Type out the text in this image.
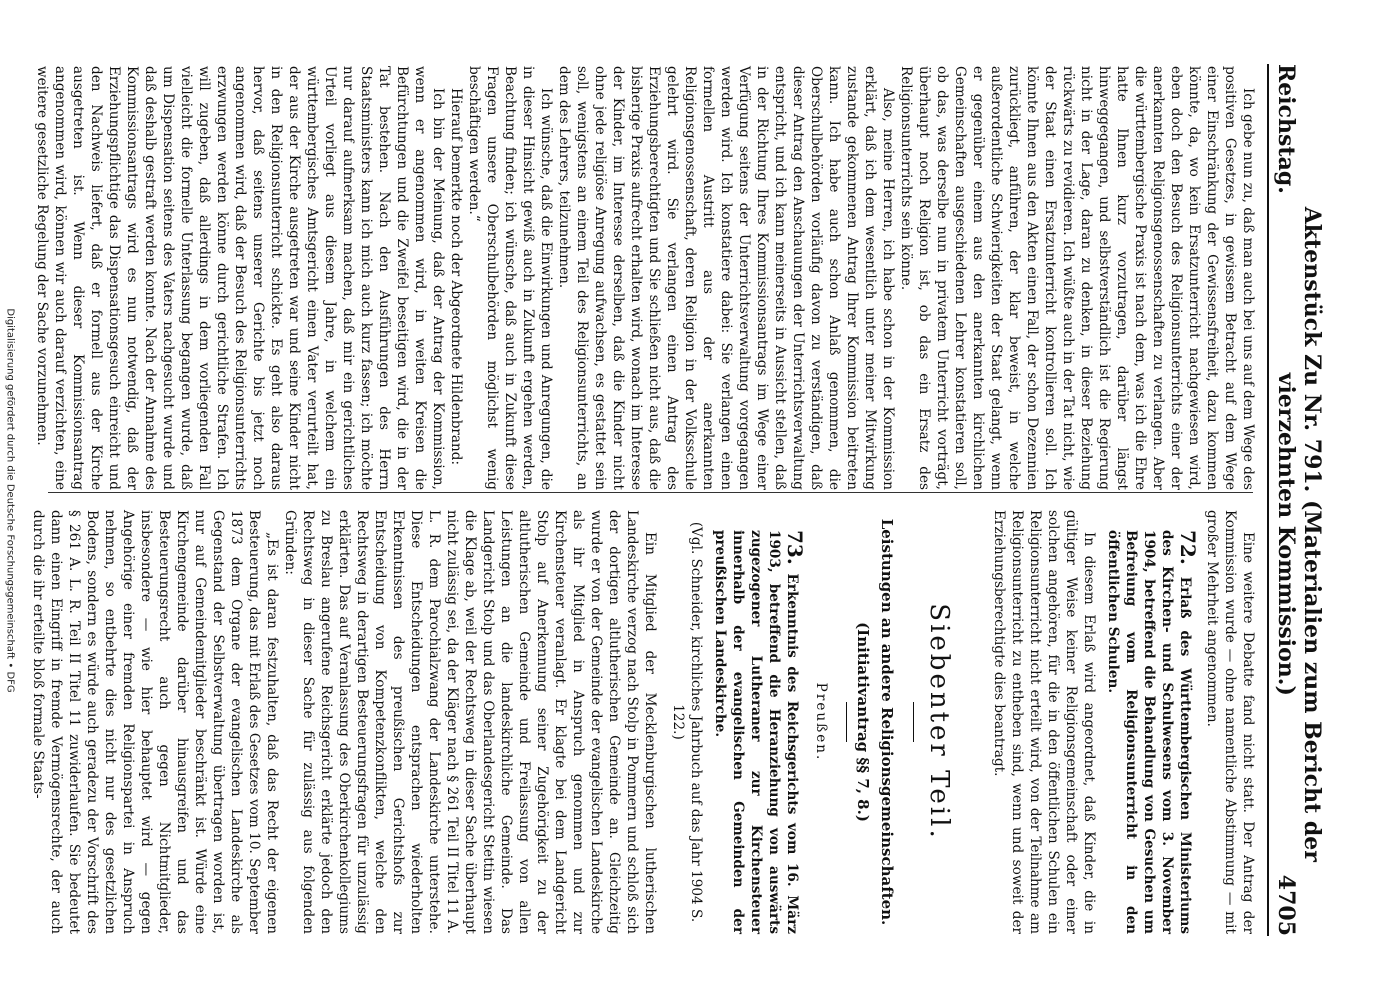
Reichstag.
Aktenstück Zu Nr. 791. (Materialien zum Bericht der vierzehnten Kommission.)
4705

Ich gebe nun zu, daß man auch bei uns auf dem Wege des positiven Gesetzes, in gewissem Betracht auf dem Wege einer Einschränkung der Gewissensfreiheit, dazu kommen könnte, da, wo kein Ersatzunterricht nachgewiesen wird, eben doch den Besuch des Religionsunterrichts einer der anerkannten Religionsgenossenschaften zu verlangen. Aber die württembergische Praxis ist nach dem, was ich die Ehre hatte Ihnen kurz vorzutragen, darüber längst hinweggegangen, und selbstverständlich ist die Regierung nicht in der Lage, daran zu denken, in dieser Beziehung rückwärts zu revidieren. Ich wüßte auch in der Tat nicht, wie der Staat einen Ersatzunterricht kontrollieren soll. Ich könnte Ihnen aus den Akten einen Fall, der schon Dezennien zurückliegt, anführen, der klar beweist, in welche außerordentliche Schwierigkeiten der Staat gelangt, wenn er gegenüber einem aus den anerkannten kirchlichen Gemeinschaften ausgeschiedenen Lehrer konstatieren soll, ob das, was derselbe nun in privatem Unterricht vorträgt, überhaupt noch Religion ist, ob das ein Ersatz des Religionsunterrichts sein könne.

Also, meine Herren, ich habe schon in der Kommission erklärt, daß ich dem wesentlich unter meiner Mitwirkung zustande gekommenen Antrag Ihrer Kommission beitreten kann. Ich habe auch schon Anlaß genommen, die Oberschulbehörden vorläufig davon zu verständigen, daß dieser Antrag den Anschauungen der Unterrichtsverwaltung entspricht, und ich kann meinerseits in Aussicht stellen, daß in der Richtung Ihres Kommissionsantrags im Wege einer Verfügung seitens der Unterrichtsverwaltung vorgegangen werden wird. Ich konstatiere dabei: Sie verlangen einen formellen Austritt aus der anerkannten Religionsgenossenschaft, deren Religion in der Volksschule gelehrt wird. Sie verlangen einen Antrag des Erziehungsberechtigten und Sie schließen nicht aus, daß die bisherige Praxis aufrecht erhalten wird, wonach im Interesse der Kinder, im Interesse derselben, daß die Kinder nicht ohne jede religiöse Anregung aufwachsen, es gestattet sein soll, wenigstens an einem Teil des Religionsunterrichts, an dem des Lehrers, teilzunehmen.

Ich wünsche, daß die Einwirkungen und Anregungen, die in dieser Hinsicht gewiß auch in Zukunft ergehen werden, Beachtung finden; ich wünsche, daß auch in Zukunft diese Fragen unsere Oberschulbehörden möglichst wenig beschäftigen werden.“

Hierauf bemerkte noch der Abgeordnete Hildenbrand:

Ich bin der Meinung, daß der Antrag der Kommission, wenn er angenommen wird, in weiten Kreisen die Befürchtungen und die Zweifel beseitigen wird, die in der Tat bestehen. Nach den Ausführungen des Herrn Staatsministers kann ich mich auch kurz fassen; ich möchte nur darauf aufmerksam machen, daß mir ein gerichtliches Urteil vorliegt aus diesem Jahre, in welchem ein württembergisches Amtsgericht einen Vater verurteilt hat, der aus der Kirche ausgetreten war und seine Kinder nicht in den Religionsunterricht schickte. Es geht also daraus hervor, daß seitens unserer Gerichte bis jetzt noch angenommen wird, daß der Besuch des Religionsunterrichts erzwungen werden könne durch gerichtliche Strafen. Ich will zugeben, daß allerdings in dem vorliegenden Fall vielleicht die formelle Unterlassung begangen wurde, daß um Dispensation seitens des Vaters nachgesucht wurde und daß deshalb gestraft werden konnte. Nach der Annahme des Kommissionsantrags wird es nun notwendig, daß der Erziehungspflichtige das Dispensationsgesuch einreicht und den Nachweis liefert, daß er formell aus der Kirche ausgetreten ist. Wenn dieser Kommissionsantrag angenommen wird, können wir auch darauf verzichten, eine weitere gesetzliche Regelung der Sache vorzunehmen.

Eine weitere Debatte fand nicht statt. Der Antrag der Kommission wurde — ohne namentliche Abstimmung — mit großer Mehrheit angenommen.

72. Erlaß des Württembergischen Ministeriums des Kirchen- und Schulwesens vom 3. November 1904, betreffend die Behandlung von Gesuchen um Befreiung vom Religionsunterricht in den öffentlichen Schulen.

In diesem Erlaß wird angeordnet, daß Kinder, die in gültiger Weise keiner Religionsgemeinschaft oder einer solchen angehören, für die in den öffentlichen Schulen ein Religionsunterricht nicht erteilt wird, von der Teilnahme am Religionsunterricht zu entheben sind, wenn und soweit der Erziehungsberechtigte dies beantragt.

Siebenter Teil.
Leistungen an andere Religionsgemeinschaften.
(Initiativantrag §§ 7, 8.)
Preußen.

73. Erkenntnis des Reichsgerichts vom 16. März 1903, betreffend die Heranziehung von auswärts zugezogener Lutheraner zur Kirchensteuer innerhalb der evangelischen Gemeinden der preußischen Landeskirche.

(Vgl. Schneider, kirchliches Jahrbuch auf das Jahr 1904 S. 122.)

Ein Mitglied der Mecklenburgischen lutherischen Landeskirche verzog nach Stolp in Pommern und schloß sich der dortigen altlutherischen Gemeinde an. Gleichzeitig wurde er von der Gemeinde der evangelischen Landeskirche als ihr Mitglied in Anspruch genommen und zur Kirchensteuer veranlagt. Er klagte bei dem Landgericht Stolp auf Anerkennung seiner Zugehörigkeit zu der altlutherischen Gemeinde und Freilassung von allen Leistungen an die landeskirchliche Gemeinde. Das Landgericht Stolp und das Oberlandesgericht Stettin wiesen die Klage ab, weil der Rechtsweg in dieser Sache überhaupt nicht zulässig sei, da der Kläger nach § 261 Teil II Titel 11 A. L. R. dem Parochialzwang der Landeskirche unterstehe. Diese Entscheidungen entsprachen wiederholten Erkenntnissen des preußischen Gerichtshofs zur Entscheidung von Kompetenzkonflikten, welche den Rechtsweg in derartigen Besteuerungsfragen für unzulässig erklärten. Das auf Veranlassung des Oberkirchenkollegiums zu Breslau angerufene Reichsgericht erklärte jedoch den Rechtsweg in dieser Sache für zulässig aus folgenden Gründen:

„Es ist daran festzuhalten, daß das Recht der eigenen Besteuerung, das mit Erlaß des Gesetzes vom 10. September 1873 dem Organe der evangelischen Landeskirche als Gegenstand der Selbstverwaltung übertragen worden ist, nur auf Gemeindemitglieder beschränkt ist. Würde eine Kirchengemeinde darüber hinausgreifen und das Besteuerungsrecht auch gegen Nichtmitglieder, insbesondere — wie hier behauptet wird — gegen Angehörige einer fremden Religionspartei in Anspruch nehmen, so entbehrte dies nicht nur des gesetzlichen Bodens, sondern es würde auch geradezu der Vorschrift des § 261 A. L. R. Teil II Titel 11 zuwiderlaufen. Sie bedeutet dann einen Eingriff in fremde Vermögensrechte, der auch durch die ihr erteilte bloß formale Staats-

Digitalisierung gefördert durch die Deutsche Forschungsgemeinschaft • DFG
